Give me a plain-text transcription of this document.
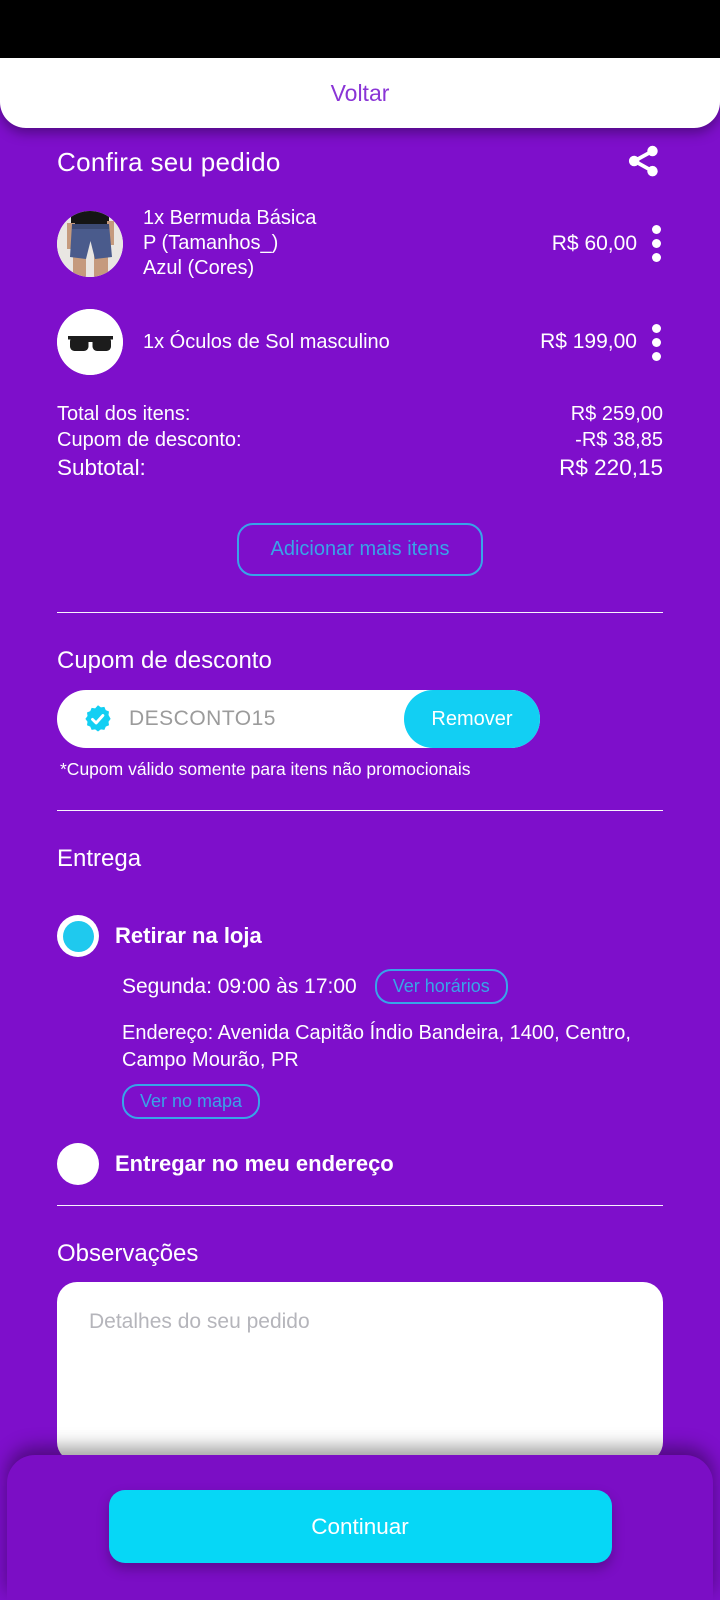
Voltar
Confira seu pedido
1x Bermuda Básica
P (Tamanhos_)
Azul (Cores)
R$ 60,00
1x Óculos de Sol masculino	R$ 199,00
Total dos itens:	R$ 259,00
Cupom de desconto:	-R$ 38,85
Subtotal:	R$ 220,15
Adicionar mais itens
Cupom de desconto
DESCONTO15	Remover
*Cupom válido somente para itens não promocionais
Entrega
Retirar na loja
Segunda: 09:00 às 17:00	Ver horários
Endereço: Avenida Capitão Índio Bandeira, 1400, Centro, Campo Mourão, PR
Ver no mapa
Entregar no meu endereço
Observações
Detalhes do seu pedido
Continuar
